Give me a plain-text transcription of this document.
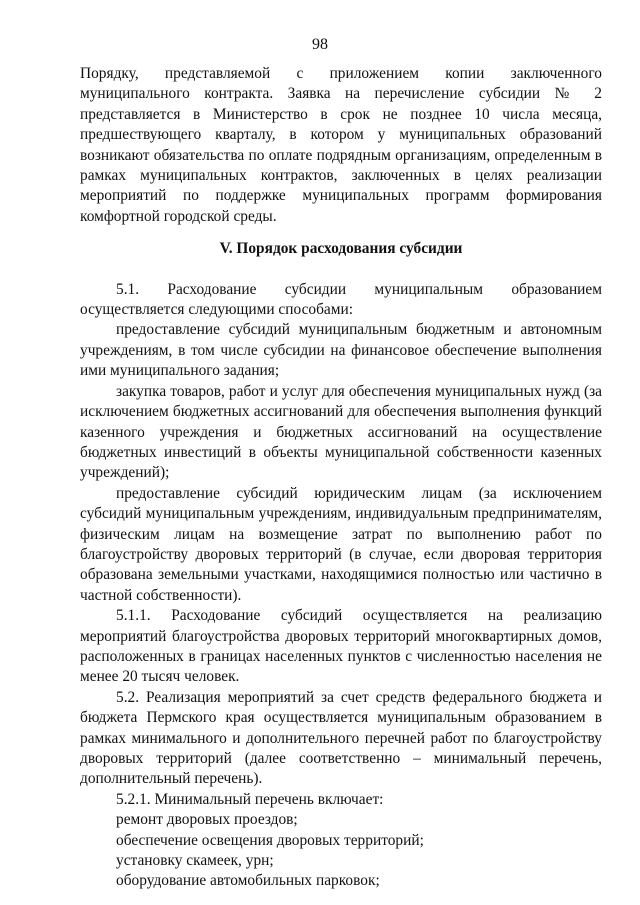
98

Порядку, представляемой с приложением копии заключенного муниципального контракта. Заявка на перечисление субсидии № 2 представляется в Министерство в срок не позднее 10 числа месяца, предшествующего кварталу, в котором у муниципальных образований возникают обязательства по оплате подрядным организациям, определенным в рамках муниципальных контрактов, заключенных в целях реализации мероприятий по поддержке муниципальных программ формирования комфортной городской среды.

V. Порядок расходования субсидии

5.1. Расходование субсидии муниципальным образованием осуществляется следующими способами:

предоставление субсидий муниципальным бюджетным и автономным учреждениям, в том числе субсидии на финансовое обеспечение выполнения ими муниципального задания;

закупка товаров, работ и услуг для обеспечения муниципальных нужд (за исключением бюджетных ассигнований для обеспечения выполнения функций казенного учреждения и бюджетных ассигнований на осуществление бюджетных инвестиций в объекты муниципальной собственности казенных учреждений);

предоставление субсидий юридическим лицам (за исключением субсидий муниципальным учреждениям, индивидуальным предпринимателям, физическим лицам на возмещение затрат по выполнению работ по благоустройству дворовых территорий (в случае, если дворовая территория образована земельными участками, находящимися полностью или частично в частной собственности).

5.1.1. Расходование субсидий осуществляется на реализацию мероприятий благоустройства дворовых территорий многоквартирных домов, расположенных в границах населенных пунктов с численностью населения не менее 20 тысяч человек.

5.2. Реализация мероприятий за счет средств федерального бюджета и бюджета Пермского края осуществляется муниципальным образованием в рамках минимального и дополнительного перечней работ по благоустройству дворовых территорий (далее соответственно – минимальный перечень, дополнительный перечень).

5.2.1. Минимальный перечень включает:

ремонт дворовых проездов;

обеспечение освещения дворовых территорий;

установку скамеек, урн;

оборудование автомобильных парковок;
